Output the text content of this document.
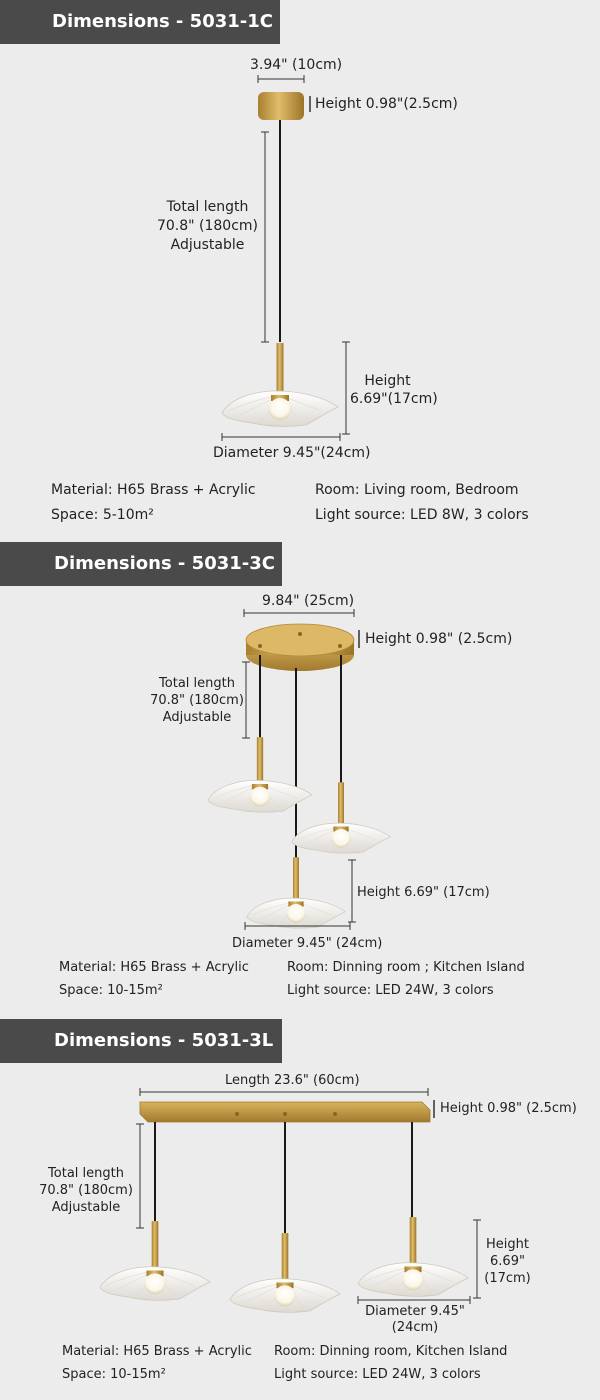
Dimensions - 5031-1C
3.94" (10cm)
Height 0.98"(2.5cm)
Total length
70.8" (180cm)
Adjustable
Height
6.69"(17cm)
Diameter 9.45"(24cm)
Material: H65 Brass + Acrylic
Space: 5-10m²
Room: Living room, Bedroom
Light source: LED 8W, 3 colors
Dimensions - 5031-3C
9.84" (25cm)
Height 0.98" (2.5cm)
Total length
70.8" (180cm)
Adjustable
Height 6.69" (17cm)
Diameter 9.45" (24cm)
Material: H65 Brass + Acrylic
Space: 10-15m²
Room: Dinning room ; Kitchen Island
Light source: LED 24W, 3 colors
Dimensions - 5031-3L
Length 23.6" (60cm)
Height 0.98" (2.5cm)
Total length
70.8" (180cm)
Adjustable
Height
6.69"
(17cm)
Diameter 9.45"
(24cm)
Material: H65 Brass + Acrylic
Space: 10-15m²
Room: Dinning room, Kitchen Island
Light source: LED 24W, 3 colors
